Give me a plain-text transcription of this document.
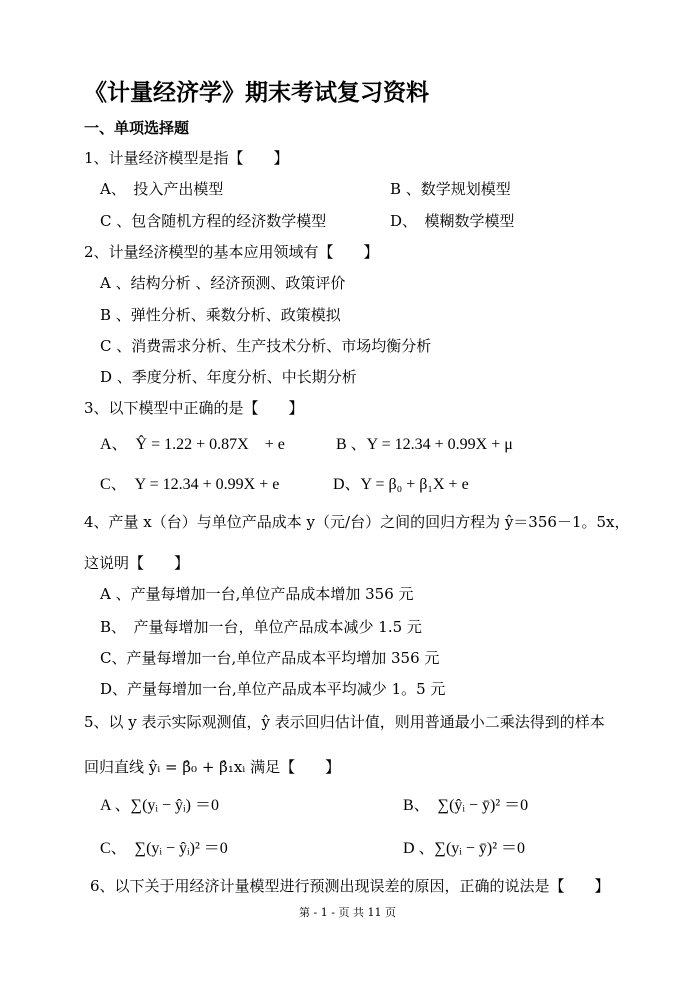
《计量经济学》期末考试复习资料
一、单项选择题
1、计量经济模型是指【　　】
A、　投入产出模型	B 、数学规划模型
C 、包含随机方程的经济数学模型	D、　模糊数学模型
2、计量经济模型的基本应用领域有【　　】
A 、结构分析 、经济预测、政策评价
B 、弹性分析、乘数分析、政策模拟
C 、消费需求分析、生产技术分析、市场均衡分析
D 、季度分析、年度分析、中长期分析
3、以下模型中正确的是【　　】
A、　Ŷ = 1.22 + 0.87X　+ e	B 、Y = 12.34 + 0.99X + μ
C、　Y = 12.34 + 0.99X + e	D、Y = β₀ + β₁X + e
4、产量 x（台）与单位产品成本 y（元/台）之间的回归方程为 ŷ＝356－1。5x，
这说明【　　】
A 、产量每增加一台,单位产品成本增加 356 元
B、　产量每增加一台，单位产品成本减少 1.5 元
C、产量每增加一台,单位产品成本平均增加 356 元
D、产量每增加一台,单位产品成本平均减少 1。5 元
5、以 y 表示实际观测值，ŷ 表示回归估计值，则用普通最小二乘法得到的样本
回归直线 ŷᵢ = β̂₀ + β̂₁xᵢ 满足【　　】
A 、∑(yᵢ − ŷᵢ) ＝0	B、　∑(ŷᵢ − ȳ)² ＝0
C、　∑(yᵢ − ŷᵢ)² ＝0	D 、∑(yᵢ − ȳ)² ＝0
6、以下关于用经济计量模型进行预测出现误差的原因，正确的说法是【　　】
第 - 1 - 页 共 11 页
